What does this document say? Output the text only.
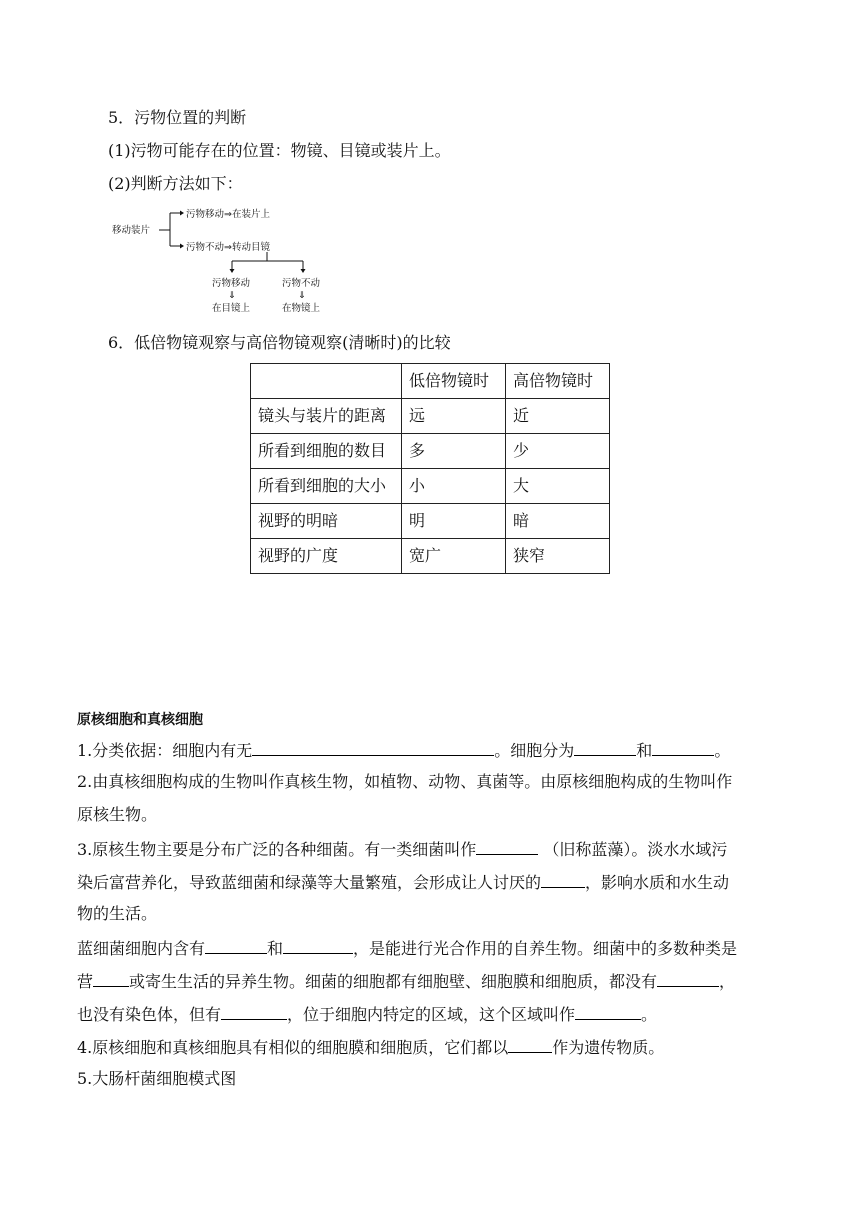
5．污物位置的判断
(1)污物可能存在的位置：物镜、目镜或装片上。
(2)判断方法如下：
移动装片
污物移动⇒在装片上
污物不动⇒转动目镜
污物移动
⇓
在目镜上
污物不动
⇓
在物镜上
6．低倍物镜观察与高倍物镜观察(清晰时)的比较
	低倍物镜时	高倍物镜时
镜头与装片的距离	远	近
所看到细胞的数目	多	少
所看到细胞的大小	小	大
视野的明暗	明	暗
视野的广度	宽广	狭窄
原核细胞和真核细胞
1.分类依据：细胞内有无	。细胞分为	和	。
2.由真核细胞构成的生物叫作真核生物，如植物、动物、真菌等。由原核细胞构成的生物叫作
原核生物。
3.原核生物主要是分布广泛的各种细菌。有一类细菌叫作	（旧称蓝藻）。淡水水域污
染后富营养化，导致蓝细菌和绿藻等大量繁殖，会形成让人讨厌的	，影响水质和水生动
物的生活。
蓝细菌细胞内含有	和	，是能进行光合作用的自养生物。细菌中的多数种类是
营 或寄生生活的异养生物。细菌的细胞都有细胞壁、细胞膜和细胞质，都没有	，
也没有染色体，但有	，位于细胞内特定的区域，这个区域叫作	。
4.原核细胞和真核细胞具有相似的细胞膜和细胞质，它们都以	作为遗传物质。
5.大肠杆菌细胞模式图
